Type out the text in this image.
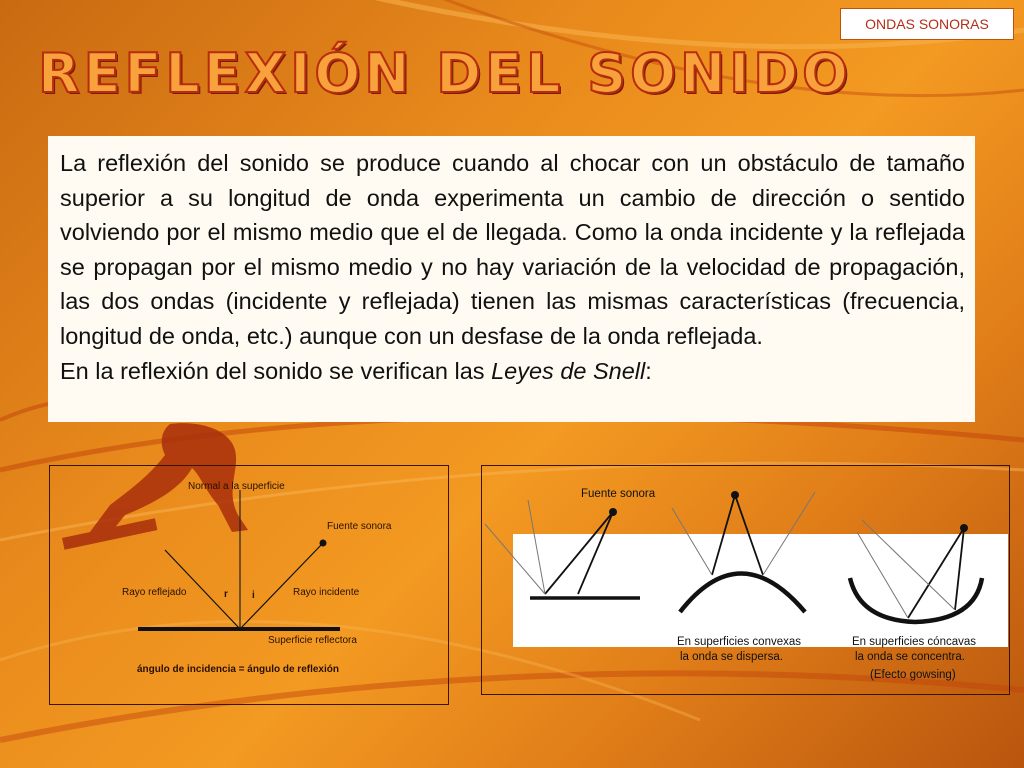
ONDAS SONORAS
REFLEXIÓN DEL SONIDO

La reflexión del sonido se produce cuando al chocar con un obstáculo de tamaño superior a su longitud de onda experimenta un cambio de dirección o sentido volviendo por el mismo medio que el de llegada. Como la onda incidente y la reflejada se propagan por el mismo medio y no hay variación de la velocidad de propagación, las dos ondas (incidente y reflejada) tienen las mismas características (frecuencia, longitud de onda, etc.) aunque con un desfase de la onda reflejada.

En la reflexión del sonido se verifican las Leyes de Snell:

Normal a la superficie
Fuente sonora
Rayo reflejado	Rayo incidente
r i
Superficie reflectora
ángulo de incidencia = ángulo de reflexión
Fuente sonora
En superficies convexas
la onda se dispersa.
En superficies cóncavas
la onda se concentra.
(Efecto gowsing)
